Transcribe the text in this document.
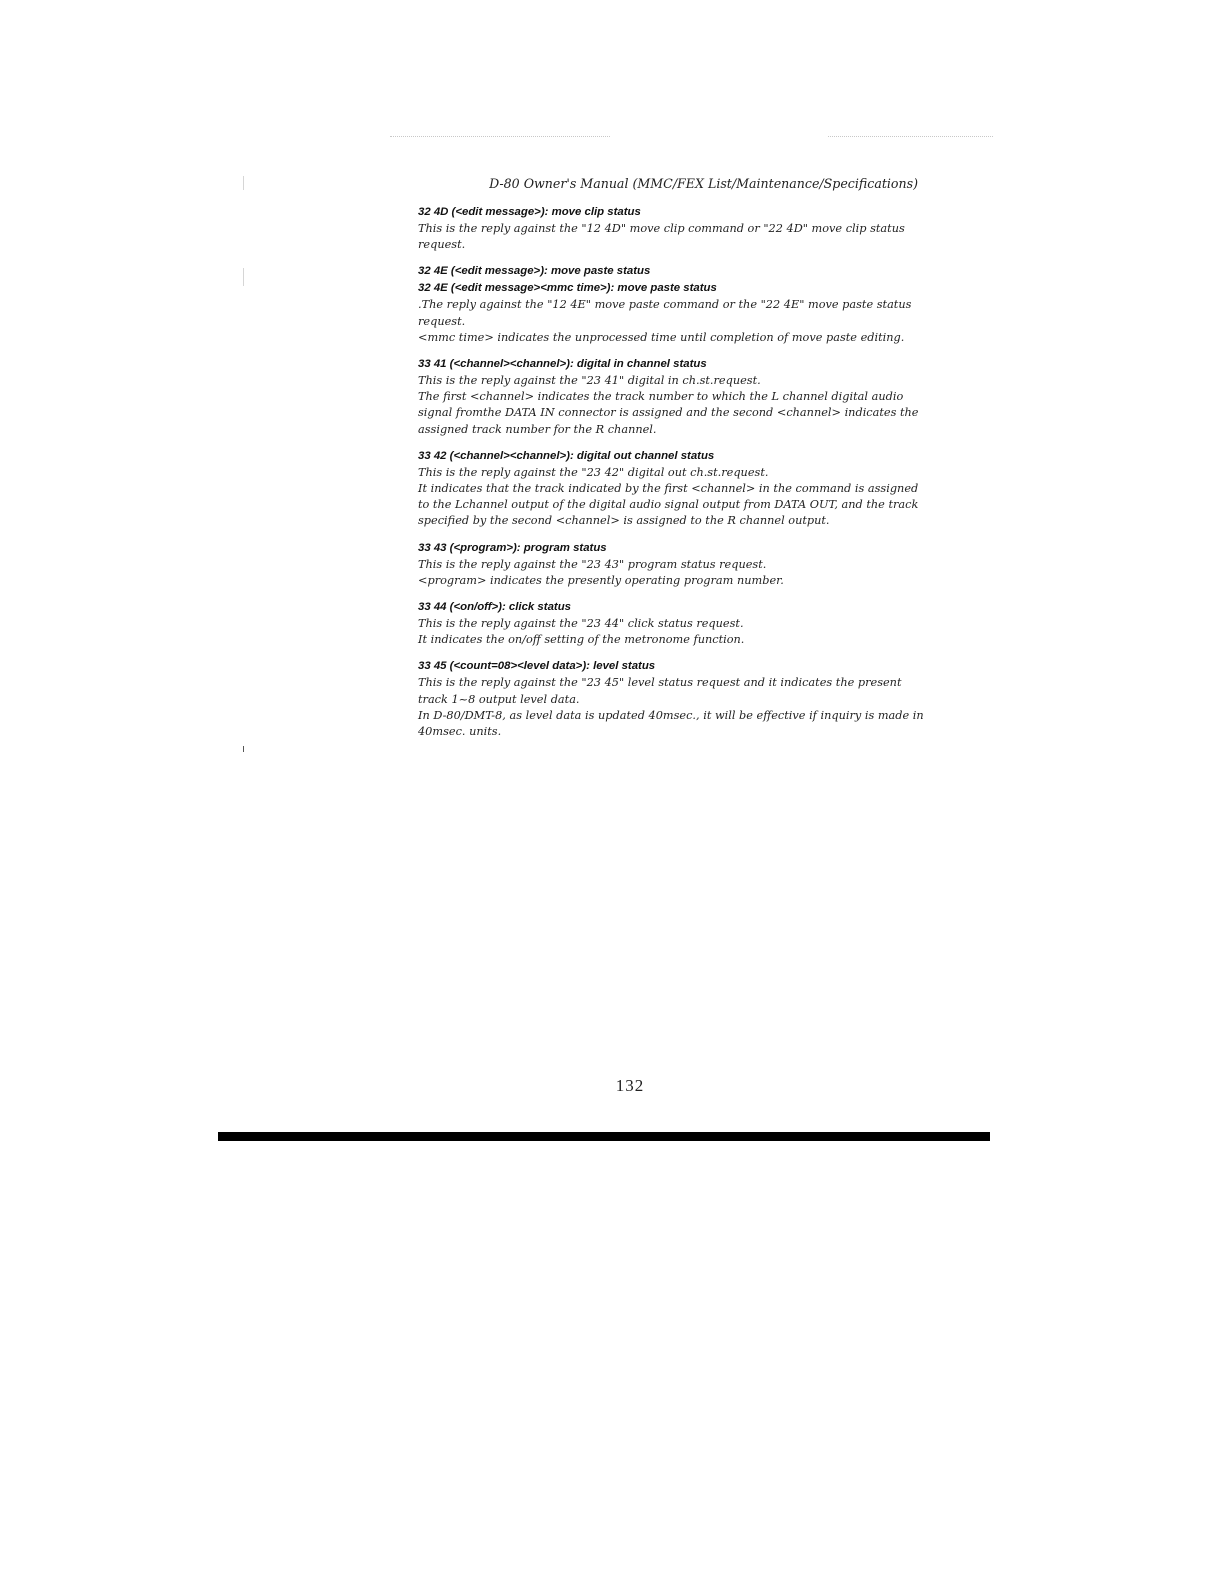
D-80 Owner's Manual (MMC/FEX List/Maintenance/Specifications)
32 4D (<edit message>): move clip status
This is the reply against the "12 4D" move clip command or "22 4D" move clip status request.
32 4E (<edit message>): move paste status
32 4E (<edit message><mmc time>): move paste status
.The reply against the "12 4E" move paste command or the "22 4E" move paste status request.
<mmc time> indicates the unprocessed time until completion of move paste editing.
33 41 (<channel><channel>): digital in channel status
This is the reply against the "23 41" digital in ch.st.request.
The first <channel> indicates the track number to which the L channel digital audio signal fromthe DATA IN connector is assigned and the second <channel> indicates the assigned track number for the R channel.
33 42 (<channel><channel>): digital out channel status
This is the reply against the "23 42" digital out ch.st.request.
It indicates that the track indicated by the first <channel> in the command is assigned to the Lchannel output of the digital audio signal output from DATA OUT, and the track specified by the second <channel> is assigned to the R channel output.
33 43 (<program>): program status
This is the reply against the "23 43" program status request.
<program> indicates the presently operating program number.
33 44 (<on/off>): click status
This is the reply against the "23 44" click status request.
It indicates the on/off setting of the metronome function.
33 45 (<count=08><level data>): level status
This is the reply against the "23 45" level status request and it indicates the present track 1~8 output level data.
In D-80/DMT-8, as level data is updated 40msec., it will be effective if inquiry is made in 40msec. units.
132
